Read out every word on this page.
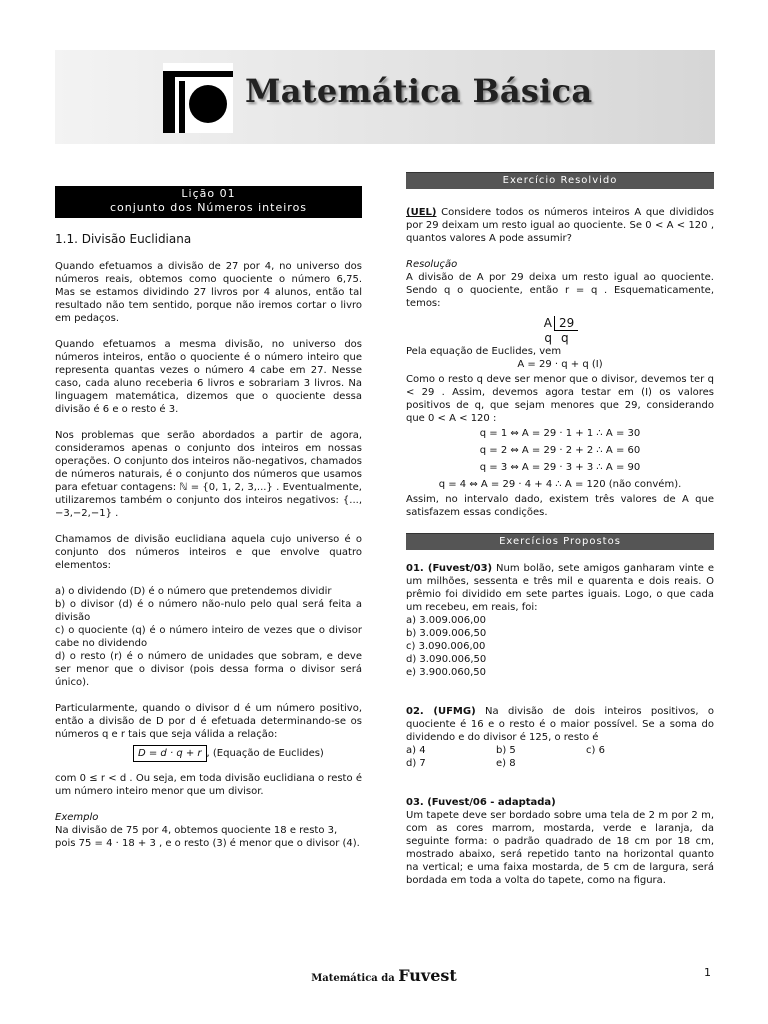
Matemática Básica
Lição 01
conjunto dos Números inteiros
1.1. Divisão Euclidiana

Quando efetuamos a divisão de 27 por 4, no universo dos números reais, obtemos como quociente o número 6,75. Mas se estamos dividindo 27 livros por 4 alunos, então tal resultado não tem sentido, porque não iremos cortar o livro em pedaços.

Quando efetuamos a mesma divisão, no universo dos números inteiros, então o quociente é o número inteiro que representa quantas vezes o número 4 cabe em 27. Nesse caso, cada aluno receberia 6 livros e sobrariam 3 livros. Na linguagem matemática, dizemos que o quociente dessa divisão é 6 e o resto é 3.

Nos problemas que serão abordados a partir de agora, consideramos apenas o conjunto dos inteiros em nossas operações. O conjunto dos inteiros não-negativos, chamados de números naturais, é o conjunto dos números que usamos para efetuar contagens: ℕ = {0, 1, 2, 3,...} . Eventualmente, utilizaremos também o conjunto dos inteiros negativos: {...,−3,−2,−1} .

Chamamos de divisão euclidiana aquela cujo universo é o conjunto dos números inteiros e que envolve quatro elementos:

a) o dividendo (D) é o número que pretendemos dividir
b) o divisor (d) é o número não-nulo pelo qual será feita a divisão
c) o quociente (q) é o número inteiro de vezes que o divisor cabe no dividendo
d) o resto (r) é o número de unidades que sobram, e deve ser menor que o divisor (pois dessa forma o divisor será único).

Particularmente, quando o divisor d é um número positivo, então a divisão de D por d é efetuada determinando-se os números q e r tais que seja válida a relação:

D = d · q + r , (Equação de Euclides)

com 0 ≤ r < d . Ou seja, em toda divisão euclidiana o resto é um número inteiro menor que um divisor.

Exemplo
Na divisão de 75 por 4, obtemos quociente 18 e resto 3,
pois 75 = 4 · 18 + 3 , e o resto (3) é menor que o divisor (4).
Exercício Resolvido

(UEL) Considere todos os números inteiros A que divididos por 29 deixam um resto igual ao quociente. Se 0 < A < 120 , quantos valores A pode assumir?

Resolução
A divisão de A por 29 deixa um resto igual ao quociente. Sendo q o quociente, então r = q . Esquematicamente, temos:
A 29
q q
Pela equação de Euclides, vem
A = 29 · q + q (I)
Como o resto q deve ser menor que o divisor, devemos ter q < 29 . Assim, devemos agora testar em (I) os valores positivos de q, que sejam menores que 29, considerando que 0 < A < 120 :
q = 1 ⇔ A = 29 · 1 + 1 ∴ A = 30
q = 2 ⇔ A = 29 · 2 + 2 ∴ A = 60
q = 3 ⇔ A = 29 · 3 + 3 ∴ A = 90
q = 4 ⇔ A = 29 · 4 + 4 ∴ A = 120 (não convém).

Assim, no intervalo dado, existem três valores de A que satisfazem essas condições.

Exercícios Propostos
01. (Fuvest/03) Num bolão, sete amigos ganharam vinte e um milhões, sessenta e três mil e quarenta e dois reais. O prêmio foi dividido em sete partes iguais. Logo, o que cada um recebeu, em reais, foi:
a) 3.009.006,00
b) 3.009.006,50
c) 3.090.006,00
d) 3.090.006,50
e) 3.900.060,50
02. (UFMG) Na divisão de dois inteiros positivos, o quociente é 16 e o resto é o maior possível. Se a soma do dividendo e do divisor é 125, o resto é
a) 4	b) 5	c) 6
d) 7	e) 8
03. (Fuvest/06 - adaptada)
Um tapete deve ser bordado sobre uma tela de 2 m por 2 m, com as cores marrom, mostarda, verde e laranja, da seguinte forma: o padrão quadrado de 18 cm por 18 cm, mostrado abaixo, será repetido tanto na horizontal quanto na vertical; e uma faixa mostarda, de 5 cm de largura, será bordada em toda a volta do tapete, como na figura.
Matemática da Fuvest	1
